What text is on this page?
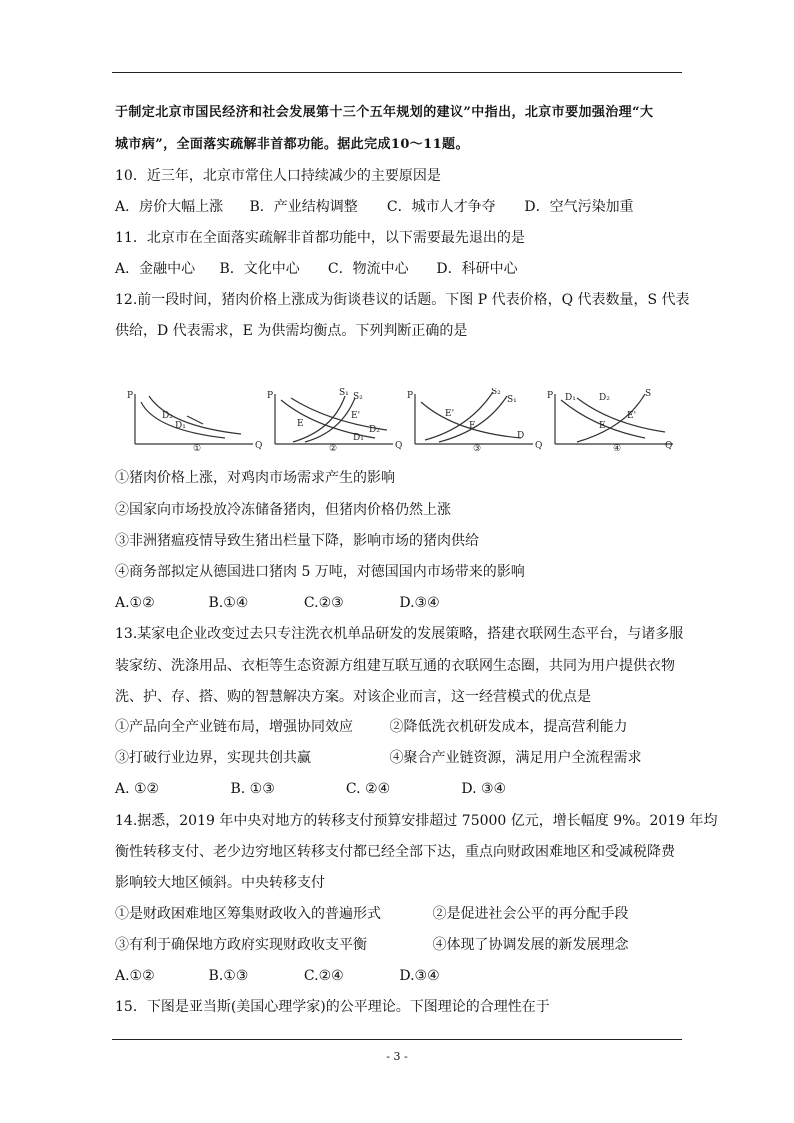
于制定北京市国民经济和社会发展第十三个五年规划的建议”中指出，北京市要加强治理“大
城市病”，全面落实疏解非首都功能。据此完成10～11题。
10．近三年，北京市常住人口持续减少的主要原因是
A．房价大幅上涨 B．产业结构调整 C．城市人才争夺 D．空气污染加重
11．北京市在全面落实疏解非首都功能中，以下需要最先退出的是
A．金融中心 B．文化中心 C．物流中心 D．科研中心
12.前一段时间，猪肉价格上涨成为街谈巷议的话题。下图 P 代表价格，Q 代表数量，S 代表
供给，D 代表需求，E 为供需均衡点。下列判断正确的是
P
Q
D₂
D₁
①
P
Q
S₁ S₂
E'
E
D₁
D₂
②
P
Q
S₂
S₁
E'
E
D
③
P
Q
D₁	D₂	S
E'
E
④
①猪肉价格上涨，对鸡肉市场需求产生的影响
②国家向市场投放冷冻储备猪肉，但猪肉价格仍然上涨
③非洲猪瘟疫情导致生猪出栏量下降，影响市场的猪肉供给
④商务部拟定从德国进口猪肉 5 万吨，对德国国内市场带来的影响
A.①②	B.①④	C.②③	D.③④
13.某家电企业改变过去只专注洗衣机单品研发的发展策略，搭建衣联网生态平台，与诸多服
装家纺、洗涤用品、衣柜等生态资源方组建互联互通的衣联网生态圈，共同为用户提供衣物
洗、护、存、搭、购的智慧解决方案。对该企业而言，这一经营模式的优点是
①产品向全产业链布局，增强协同效应	②降低洗衣机研发成本，提高营利能力
③打破行业边界，实现共创共赢	④聚合产业链资源，满足用户全流程需求
A. ①②	B. ①③	C. ②④	D. ③④
14.据悉，2019 年中央对地方的转移支付预算安排超过 75000 亿元，增长幅度 9%。2019 年均
衡性转移支付、老少边穷地区转移支付都已经全部下达，重点向财政困难地区和受减税降费
影响较大地区倾斜。中央转移支付
①是财政困难地区筹集财政收入的普遍形式	②是促进社会公平的再分配手段
③有利于确保地方政府实现财政收支平衡	④体现了协调发展的新发展理念
A.①②	B.①③	C.②④	D.③④
15．下图是亚当斯(美国心理学家)的公平理论。下图理论的合理性在于
- 3 -
